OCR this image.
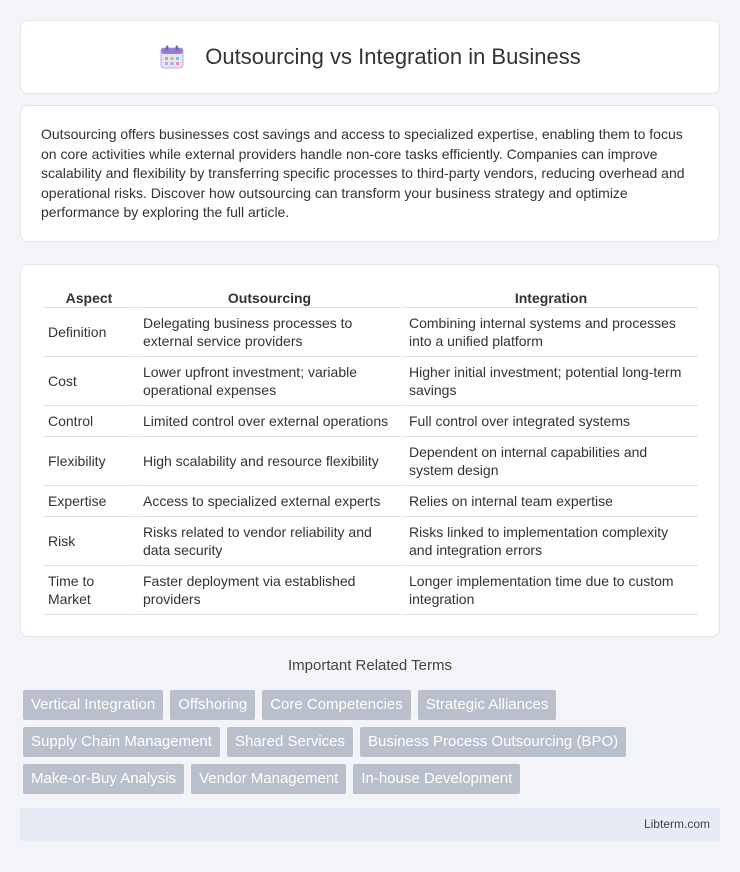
Outsourcing vs Integration in Business

Outsourcing offers businesses cost savings and access to specialized expertise, enabling them to focus on core activities while external providers handle non-core tasks efficiently. Companies can improve scalability and flexibility by transferring specific processes to third-party vendors, reducing overhead and operational risks. Discover how outsourcing can transform your business strategy and optimize performance by exploring the full article.

Aspect	Outsourcing	Integration
Definition	Delegating business processes to external service providers	Combining internal systems and processes into a unified platform
Cost	Lower upfront investment; variable operational expenses	Higher initial investment; potential long-term savings
Control	Limited control over external operations	Full control over integrated systems
Flexibility	High scalability and resource flexibility	Dependent on internal capabilities and system design
Expertise	Access to specialized external experts	Relies on internal team expertise
Risk	Risks related to vendor reliability and data security	Risks linked to implementation complexity and integration errors
Time to Market	Faster deployment via established providers	Longer implementation time due to custom integration
Important Related Terms
Vertical Integration	Offshoring	Core Competencies	Strategic Alliances
Supply Chain Management	Shared Services	Business Process Outsourcing (BPO)
Make-or-Buy Analysis	Vendor Management	In-house Development
Libterm.com
